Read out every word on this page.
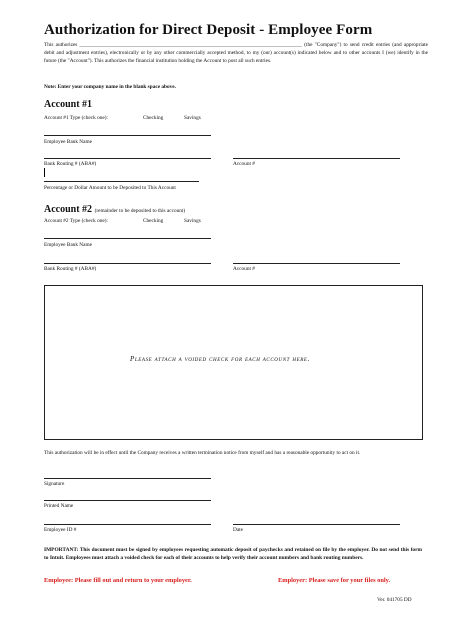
Authorization for Direct Deposit - Employee Form
This authorizes ____________________________________________________________________________________ (the "Company") to send credit entries (and appropriate debit and adjustment entries), electronically or by any other commercially accepted method, to my (our) account(s) indicated below and to other accounts I (we) identify in the future (the "Account"). This authorizes the financial institution holding the Account to post all such entries.
Note: Enter your company name in the blank space above.
Account #1
Account #1 Type (check one):	Checking	Savings
Employee Bank Name
Bank Routing # (ABA#)	Account #
Percentage or Dollar Amount to be Deposited to This Account
Account #2 (remainder to be deposited to this account)
Account #2 Type (check one):	Checking	Savings
Employee Bank Name
Bank Routing # (ABA#)	Account #
Please attach a voided check for each account here.
This authorization will be in effect until the Company receives a written termination notice from myself and has a reasonable opportunity to act on it.
Signature
Printed Name
Employee ID #	Date
IMPORTANT: This document must be signed by employees requesting automatic deposit of paychecks and retained on file by the employer. Do not send this form to Intuit. Employees must attach a voided check for each of their accounts to help verify their account numbers and bank routing numbers.
Employee: Please fill out and return to your employer.	Employer: Please save for your files only.
Ver. 041705 DD
